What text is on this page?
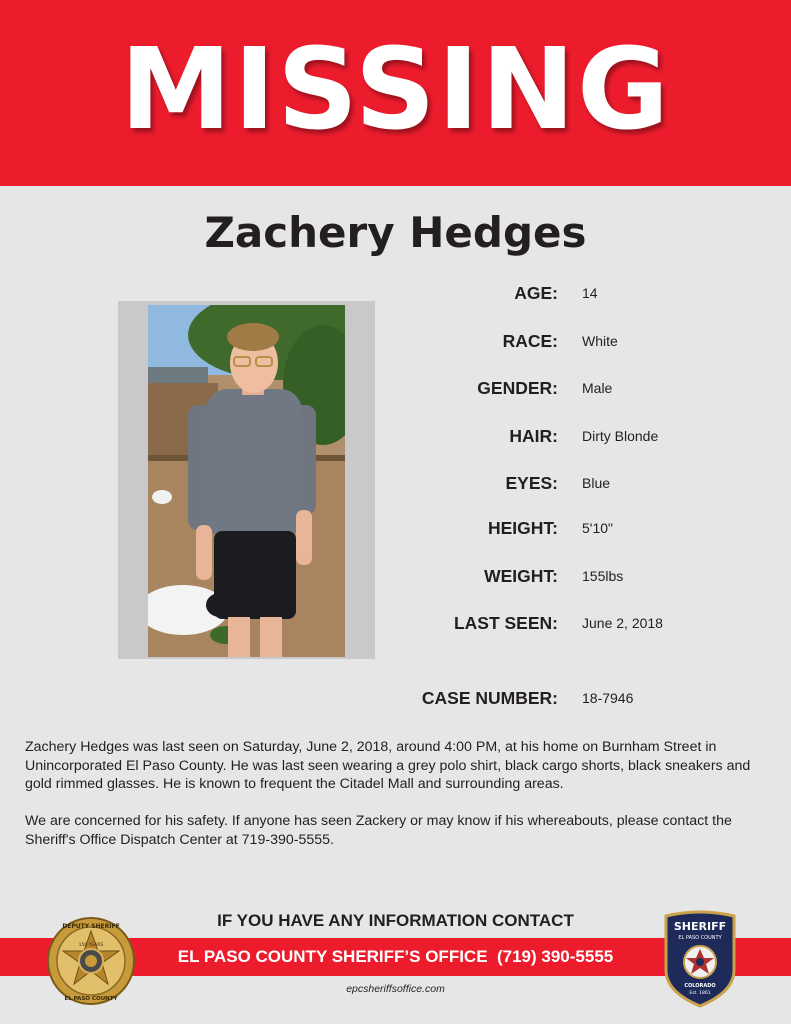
MISSING
Zachery Hedges
AGE: 14
RACE: White
GENDER: Male
HAIR: Dirty Blonde
EYES: Blue
HEIGHT: 5'10"
WEIGHT: 155lbs
LAST SEEN: June 2, 2018
CASE NUMBER: 18-7946

Zachery Hedges was last seen on Saturday, June 2, 2018, around 4:00 PM, at his home on Burnham Street in Unincorporated El Paso County. He was last seen wearing a grey polo shirt, black cargo shorts, black sneakers and gold rimmed glasses. He is known to frequent the Citadel Mall and surrounding areas.

We are concerned for his safety. If anyone has seen Zackery or may know if his whereabouts, please contact the Sheriff's Office Dispatch Center at 719-390-5555.

IF YOU HAVE ANY INFORMATION CONTACT
EL PASO COUNTY SHERIFF’S OFFICE  (719) 390-5555
epcsheriffsoffice.com
DEPUTY SHERIFF
EL PASO COUNTY
150 YEARS
SHERIFF
EL PASO COUNTY
COLORADO
Est. 1861
